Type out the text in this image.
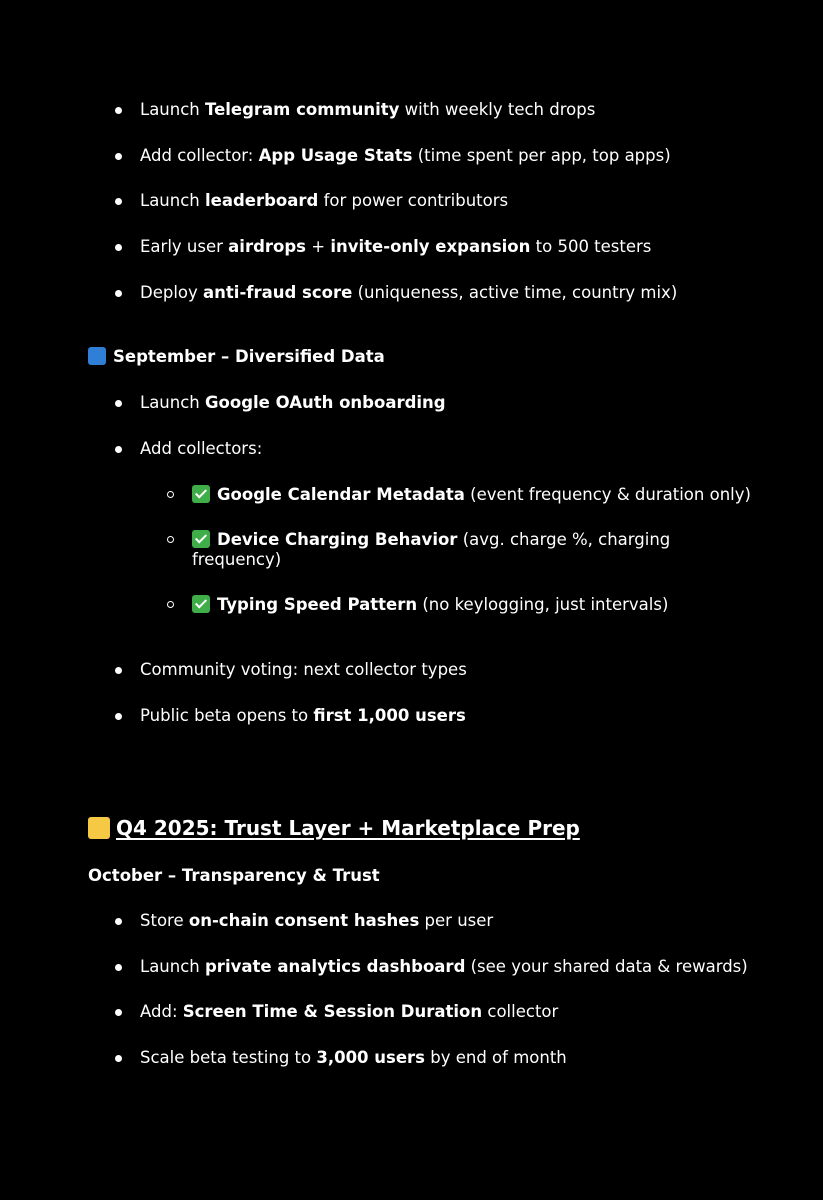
Launch Telegram community with weekly tech drops
Add collector: App Usage Stats (time spent per app, top apps)
Launch leaderboard for power contributors
Early user airdrops + invite-only expansion to 500 testers
Deploy anti-fraud score (uniqueness, active time, country mix)
September – Diversified Data
Launch Google OAuth onboarding
Add collectors:
Google Calendar Metadata (event frequency & duration only)
Device Charging Behavior (avg. charge %, charging frequency)
Typing Speed Pattern (no keylogging, just intervals)
Community voting: next collector types
Public beta opens to first 1,000 users
Q4 2025: Trust Layer + Marketplace Prep
October – Transparency & Trust
Store on-chain consent hashes per user
Launch private analytics dashboard (see your shared data & rewards)
Add: Screen Time & Session Duration collector
Scale beta testing to 3,000 users by end of month
